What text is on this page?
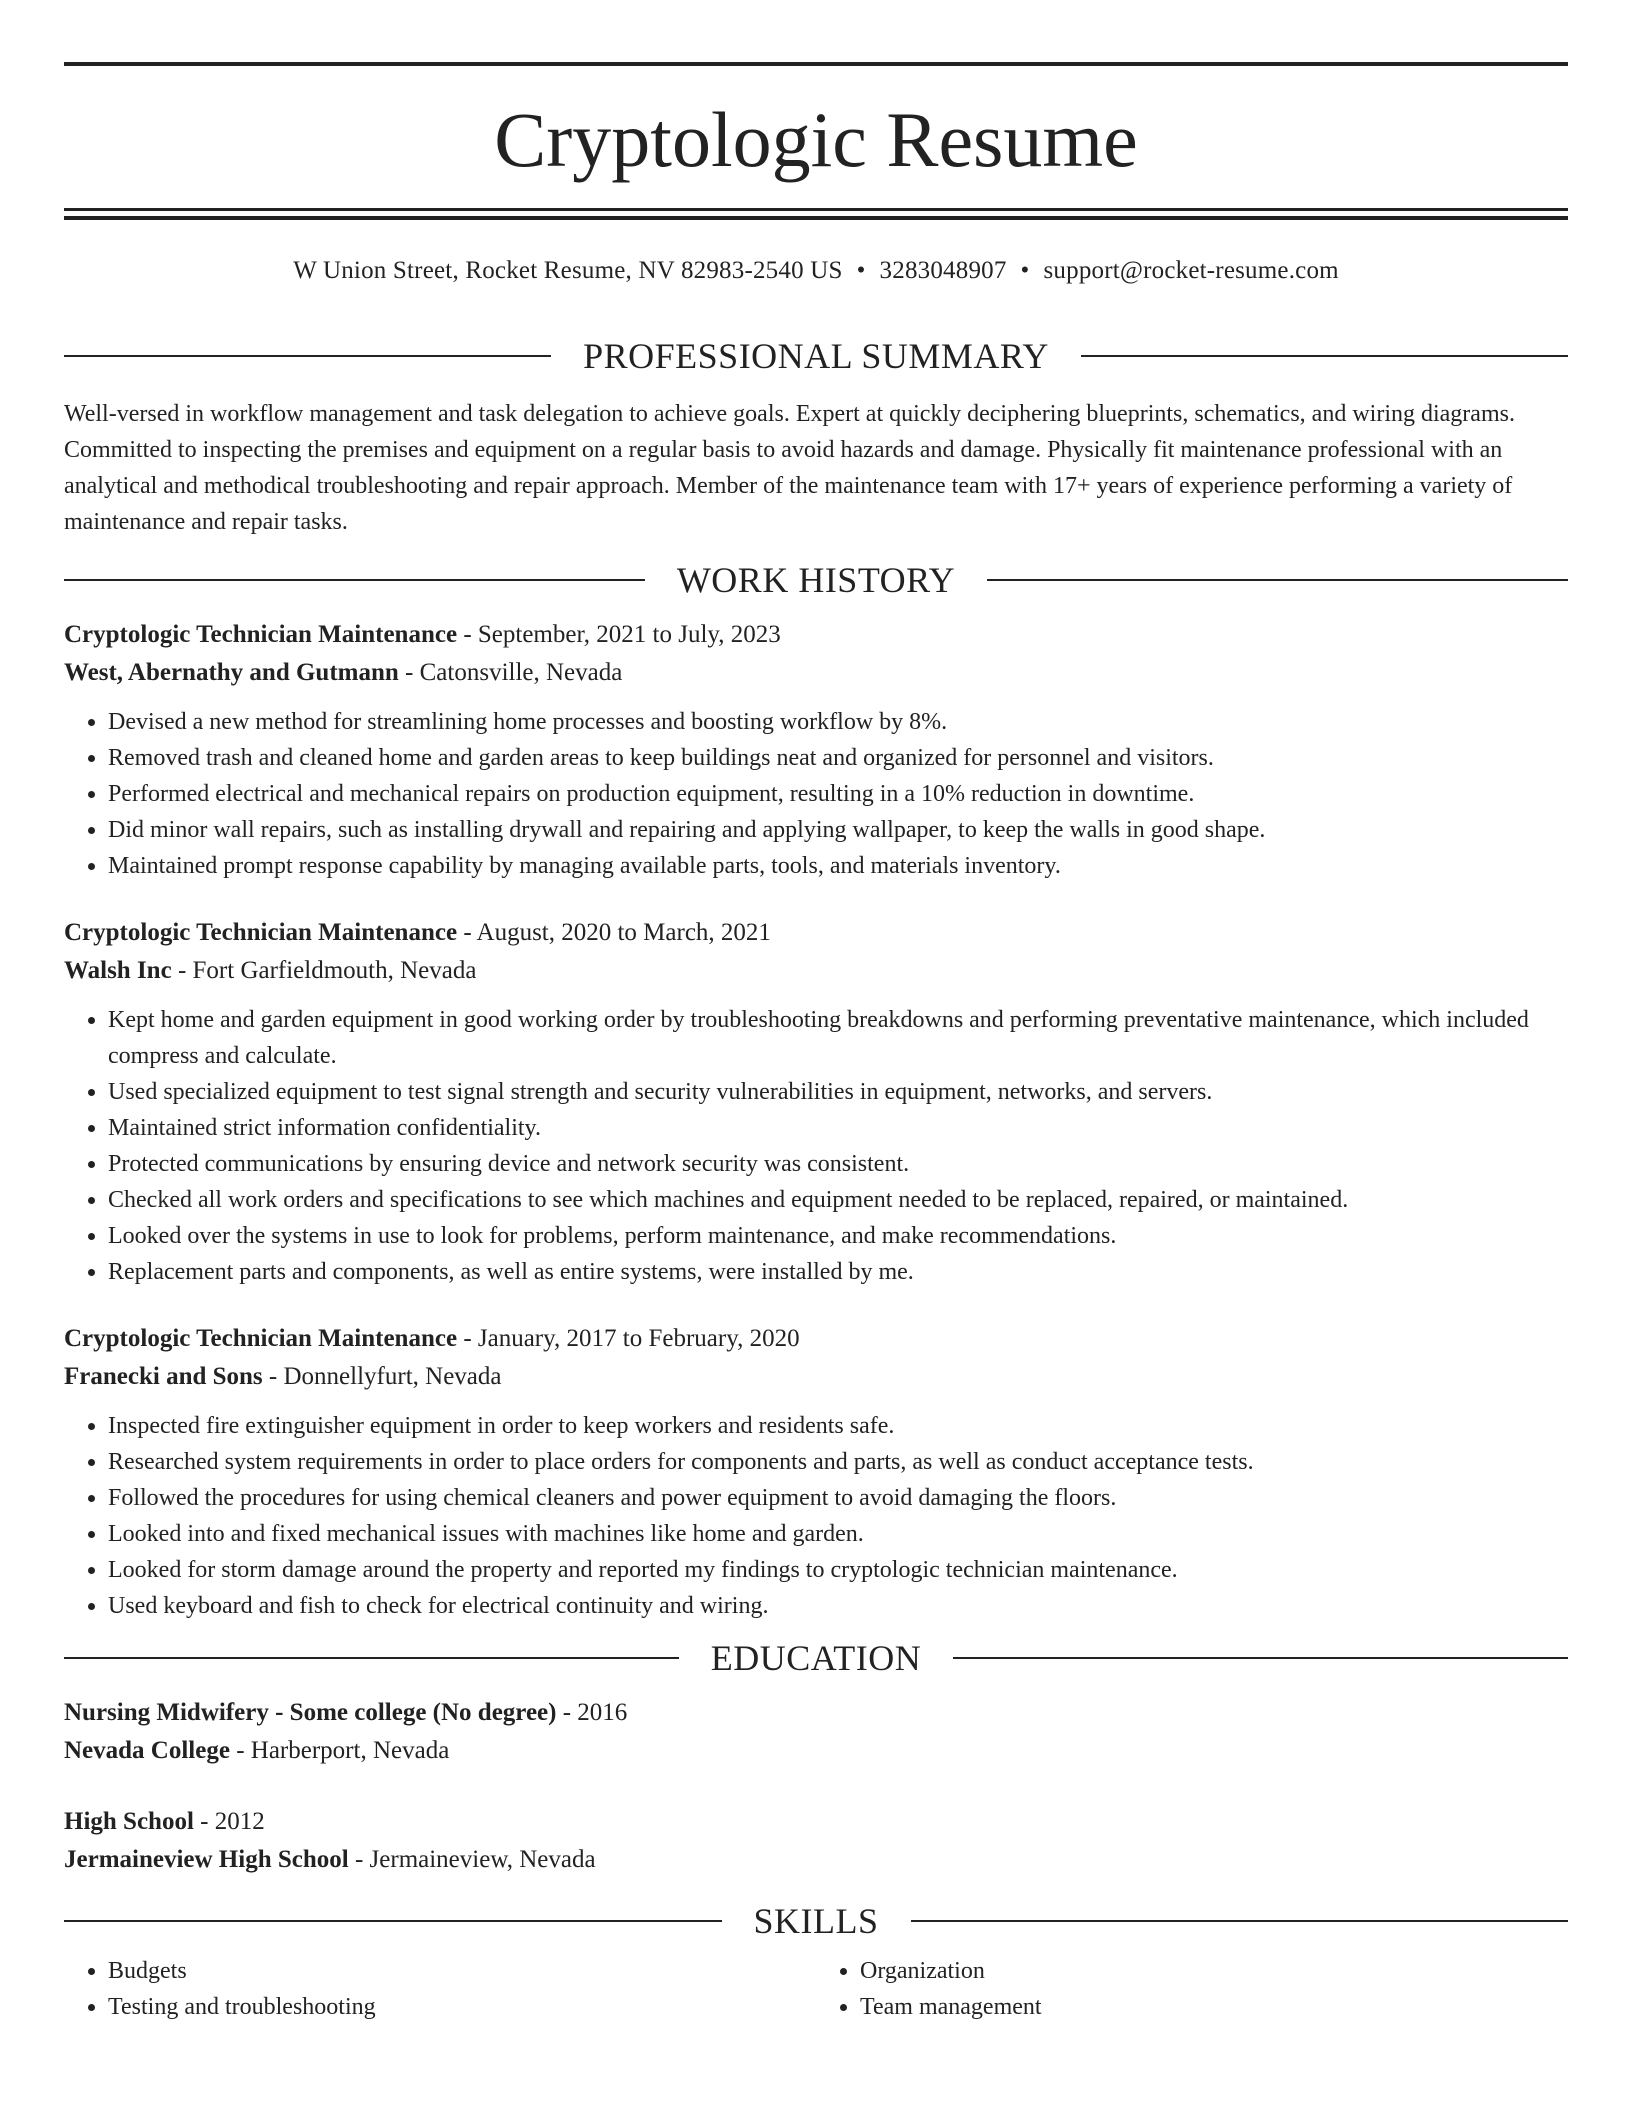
Cryptologic Resume
W Union Street, Rocket Resume, NV 82983-2540 US • 3283048907 • support@rocket-resume.com
PROFESSIONAL SUMMARY

Well-versed in workflow management and task delegation to achieve goals. Expert at quickly deciphering blueprints, schematics, and wiring diagrams. Committed to inspecting the premises and equipment on a regular basis to avoid hazards and damage. Physically fit maintenance professional with an analytical and methodical troubleshooting and repair approach. Member of the maintenance team with 17+ years of experience performing a variety of maintenance and repair tasks.

WORK HISTORY
Cryptologic Technician Maintenance - September, 2021 to July, 2023
West, Abernathy and Gutmann - Catonsville, Nevada
• Devised a new method for streamlining home processes and boosting workflow by 8%.
• Removed trash and cleaned home and garden areas to keep buildings neat and organized for personnel and visitors.
• Performed electrical and mechanical repairs on production equipment, resulting in a 10% reduction in downtime.
• Did minor wall repairs, such as installing drywall and repairing and applying wallpaper, to keep the walls in good shape.
• Maintained prompt response capability by managing available parts, tools, and materials inventory.
Cryptologic Technician Maintenance - August, 2020 to March, 2021
Walsh Inc - Fort Garfieldmouth, Nevada
• Kept home and garden equipment in good working order by troubleshooting breakdowns and performing preventative maintenance, which included compress and calculate.
• Used specialized equipment to test signal strength and security vulnerabilities in equipment, networks, and servers.
• Maintained strict information confidentiality.
• Protected communications by ensuring device and network security was consistent.
• Checked all work orders and specifications to see which machines and equipment needed to be replaced, repaired, or maintained.
• Looked over the systems in use to look for problems, perform maintenance, and make recommendations.
• Replacement parts and components, as well as entire systems, were installed by me.
Cryptologic Technician Maintenance - January, 2017 to February, 2020
Franecki and Sons - Donnellyfurt, Nevada
• Inspected fire extinguisher equipment in order to keep workers and residents safe.
• Researched system requirements in order to place orders for components and parts, as well as conduct acceptance tests.
• Followed the procedures for using chemical cleaners and power equipment to avoid damaging the floors.
• Looked into and fixed mechanical issues with machines like home and garden.
• Looked for storm damage around the property and reported my findings to cryptologic technician maintenance.
• Used keyboard and fish to check for electrical continuity and wiring.
EDUCATION
Nursing Midwifery - Some college (No degree) - 2016
Nevada College - Harberport, Nevada
High School - 2012
Jermaineview High School - Jermaineview, Nevada
SKILLS
• Budgets
• Testing and troubleshooting
• Organization
• Team management
